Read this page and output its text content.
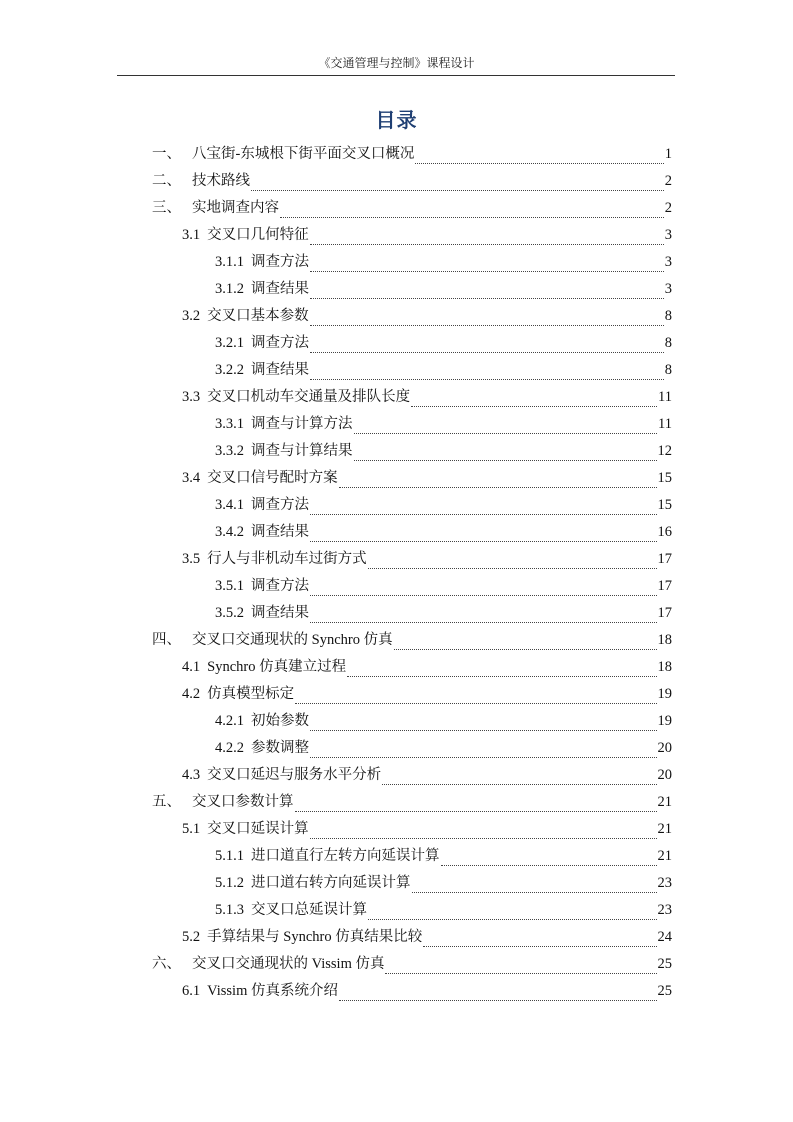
《交通管理与控制》课程设计
目录
一、 八宝街-东城根下街平面交叉口概况	1
二、 技术路线	2
三、 实地调查内容	2
3.1 交叉口几何特征	3
3.1.1 调查方法	3
3.1.2 调查结果	3
3.2 交叉口基本参数	8
3.2.1 调查方法	8
3.2.2 调查结果	8
3.3 交叉口机动车交通量及排队长度	11
3.3.1 调查与计算方法	11
3.3.2 调查与计算结果	12
3.4 交叉口信号配时方案	15
3.4.1 调查方法	15
3.4.2 调查结果	16
3.5 行人与非机动车过街方式	17
3.5.1 调查方法	17
3.5.2 调查结果	17
四、 交叉口交通现状的 Synchro 仿真	18
4.1 Synchro 仿真建立过程	18
4.2 仿真模型标定	19
4.2.1 初始参数	19
4.2.2 参数调整	20
4.3 交叉口延迟与服务水平分析	20
五、 交叉口参数计算	21
5.1 交叉口延误计算	21
5.1.1 进口道直行左转方向延误计算	21
5.1.2 进口道右转方向延误计算	23
5.1.3 交叉口总延误计算	23
5.2 手算结果与 Synchro 仿真结果比较	24
六、 交叉口交通现状的 Vissim 仿真	25
6.1 Vissim 仿真系统介绍	25
